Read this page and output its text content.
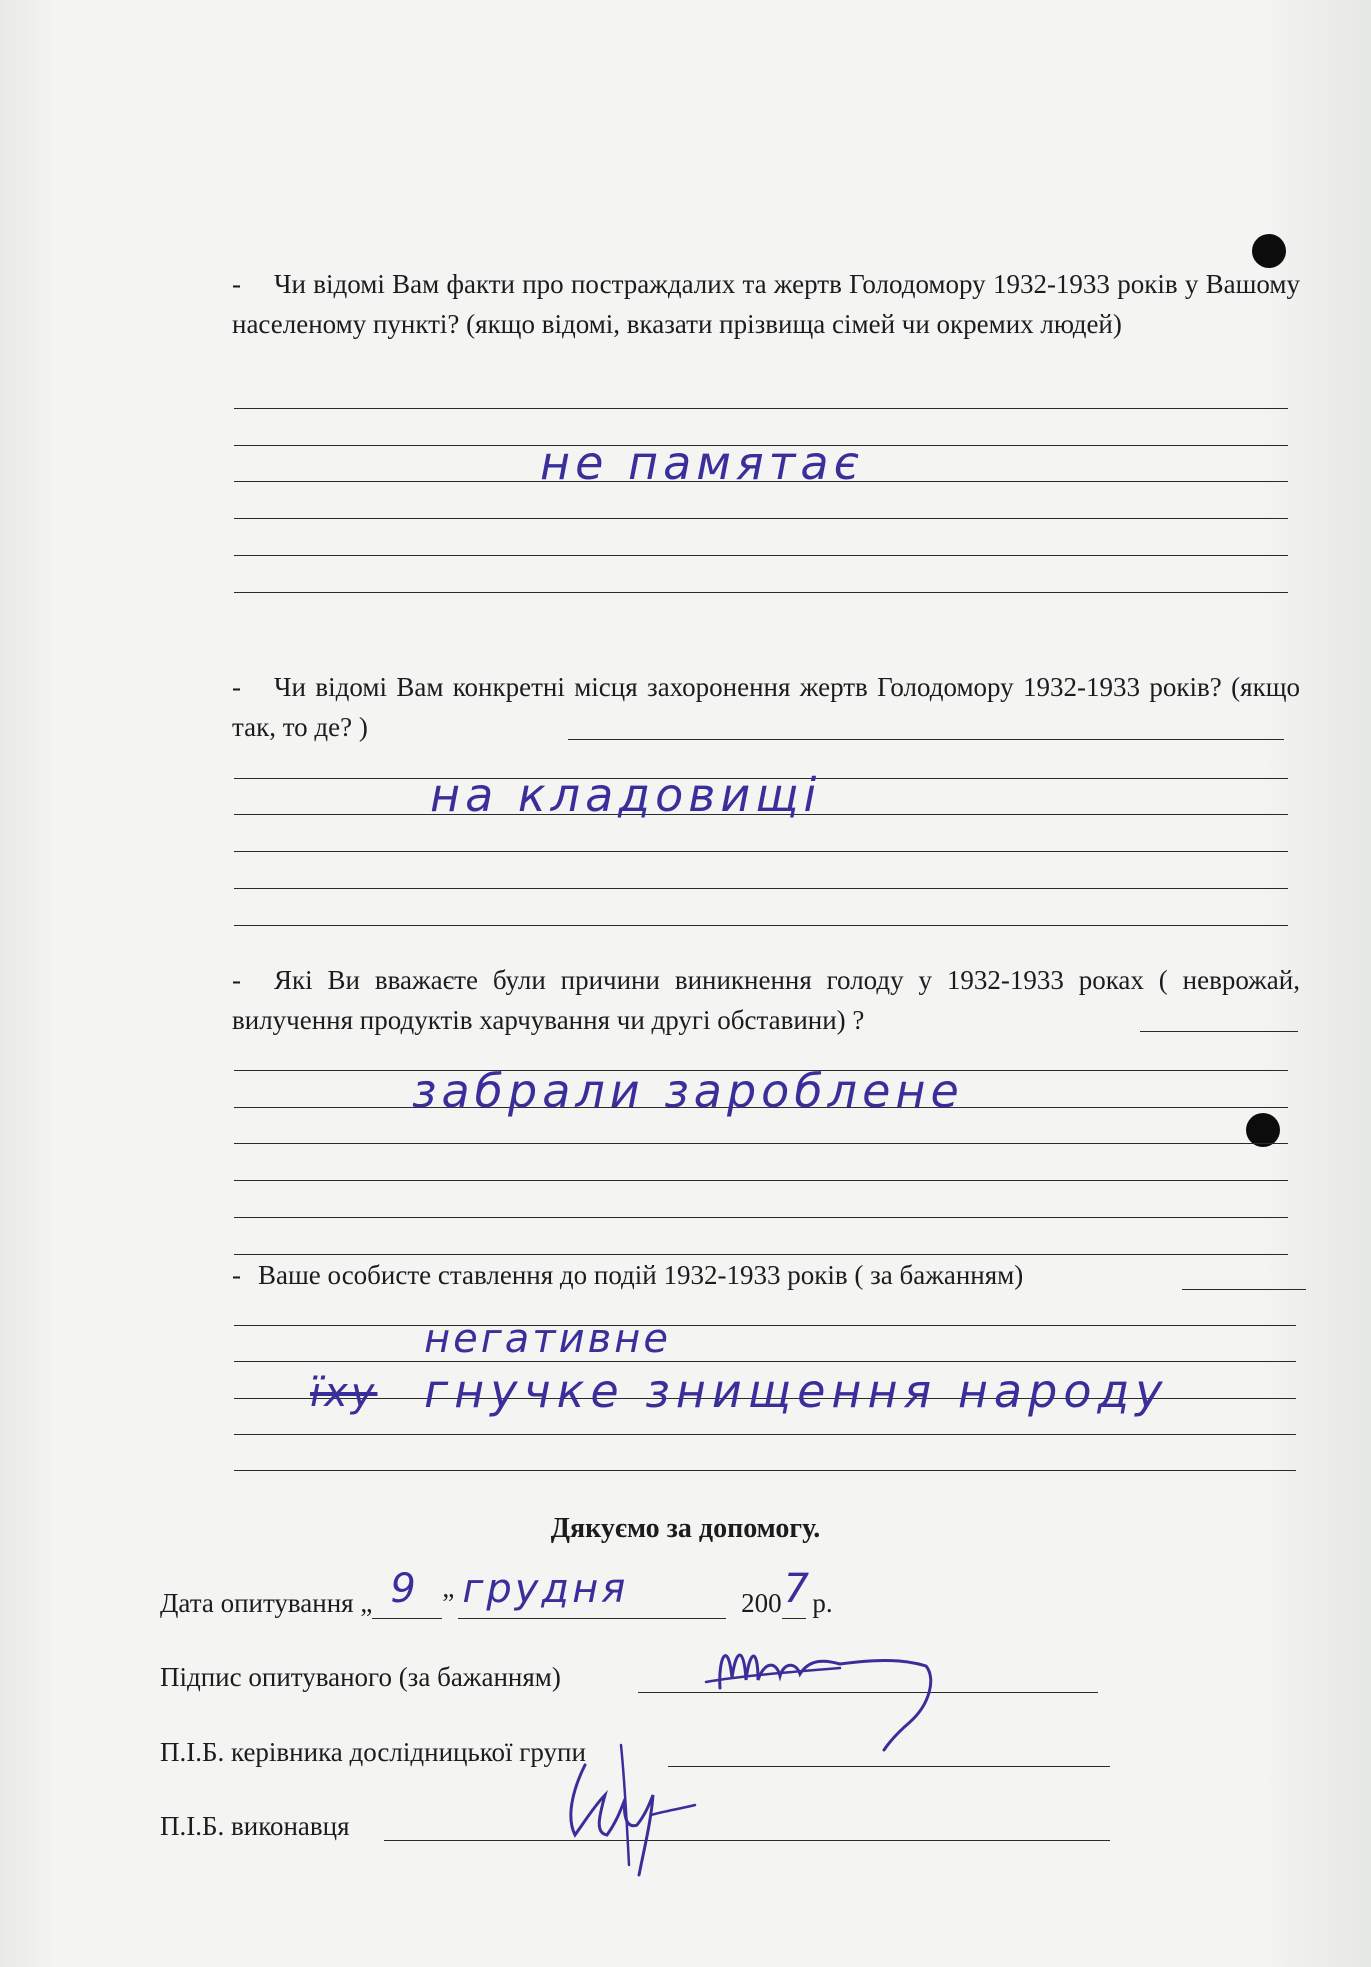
- Чи відомі Вам факти про постраждалих та жертв Голодомору 1932-1933 років у Вашому населеному пункті? (якщо відомі, вказати прізвища сімей чи окремих людей)
не памятає
- Чи відомі Вам конкретні місця захоронення жертв Голодомору 1932-1933 років? (якщо так, то де? )
на кладовищі
- Які Ви вважаєте були причини виникнення голоду у 1932-1933 роках ( неврожай, вилучення продуктів харчування чи другі обставини) ?
забрали зароблене
- Ваше особисте ставлення до подій 1932-1933 років ( за бажанням)
негативне
їху гнучке знищення народу
Дякуємо за допомогу.
Дата опитування „ 9 ” грудня	200 7 р.
Підпис опитуваного (за бажанням)
П.І.Б. керівника дослідницької групи
П.І.Б. виконавця
